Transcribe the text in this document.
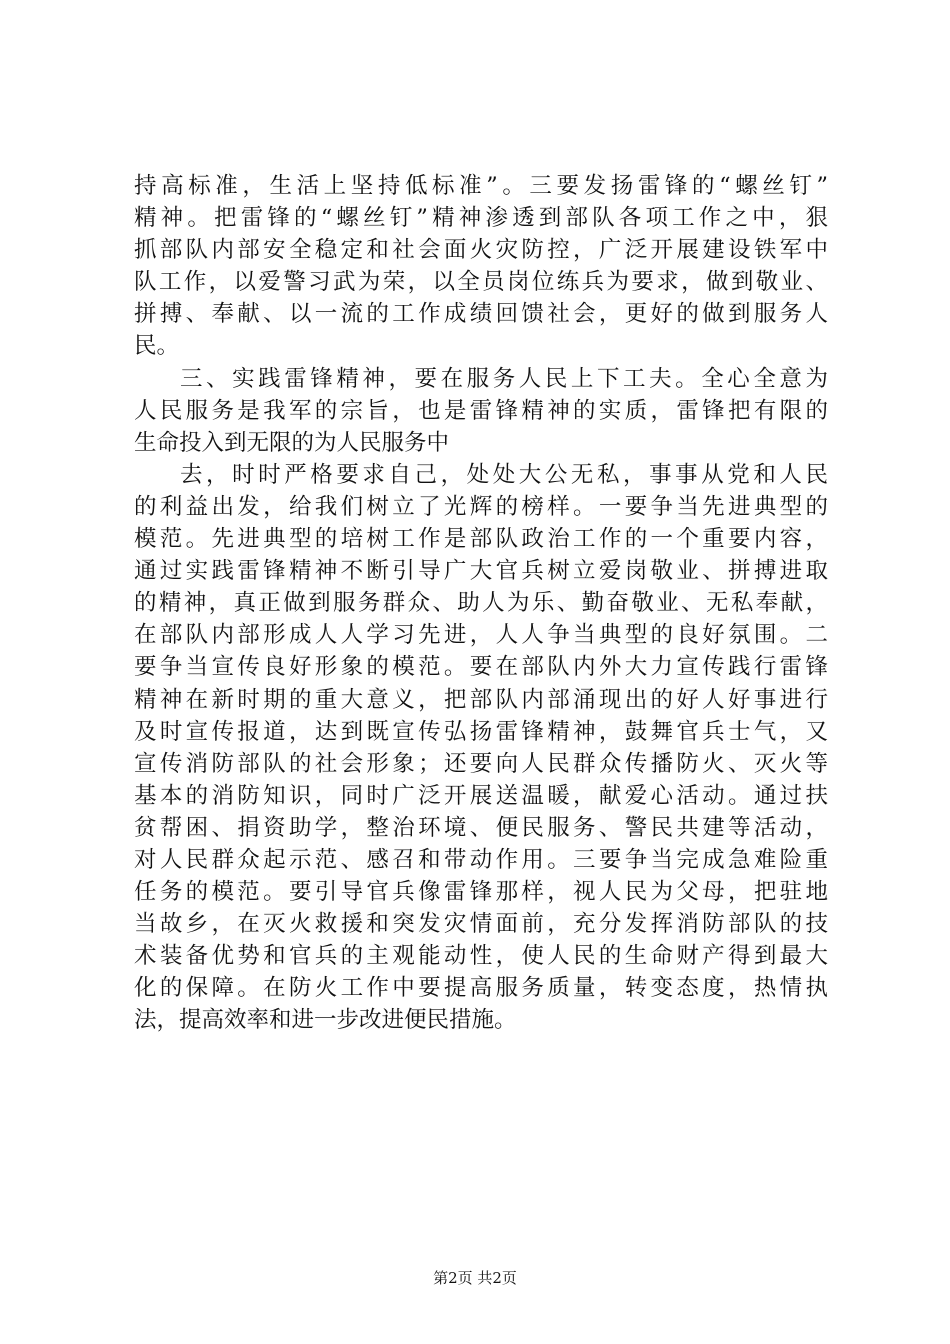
持高标准，生活上坚持低标准”。三要发扬雷锋的“螺丝钉”
精神。把雷锋的“螺丝钉”精神渗透到部队各项工作之中，狠
抓部队内部安全稳定和社会面火灾防控，广泛开展建设铁军中
队工作，以爱警习武为荣，以全员岗位练兵为要求，做到敬业、
拼搏、奉献、以一流的工作成绩回馈社会，更好的做到服务人
民。
三、实践雷锋精神，要在服务人民上下工夫。全心全意为
人民服务是我军的宗旨，也是雷锋精神的实质，雷锋把有限的
生命投入到无限的为人民服务中
去，时时严格要求自己，处处大公无私，事事从党和人民
的利益出发，给我们树立了光辉的榜样。一要争当先进典型的
模范。先进典型的培树工作是部队政治工作的一个重要内容，
通过实践雷锋精神不断引导广大官兵树立爱岗敬业、拼搏进取
的精神，真正做到服务群众、助人为乐、勤奋敬业、无私奉献，
在部队内部形成人人学习先进，人人争当典型的良好氛围。二
要争当宣传良好形象的模范。要在部队内外大力宣传践行雷锋
精神在新时期的重大意义，把部队内部涌现出的好人好事进行
及时宣传报道，达到既宣传弘扬雷锋精神，鼓舞官兵士气，又
宣传消防部队的社会形象；还要向人民群众传播防火、灭火等
基本的消防知识，同时广泛开展送温暖，献爱心活动。通过扶
贫帮困、捐资助学，整治环境、便民服务、警民共建等活动，
对人民群众起示范、感召和带动作用。三要争当完成急难险重
任务的模范。要引导官兵像雷锋那样，视人民为父母，把驻地
当故乡，在灭火救援和突发灾情面前，充分发挥消防部队的技
术装备优势和官兵的主观能动性，使人民的生命财产得到最大
化的保障。在防火工作中要提高服务质量，转变态度，热情执
法，提高效率和进一步改进便民措施。
第2页 共2页
